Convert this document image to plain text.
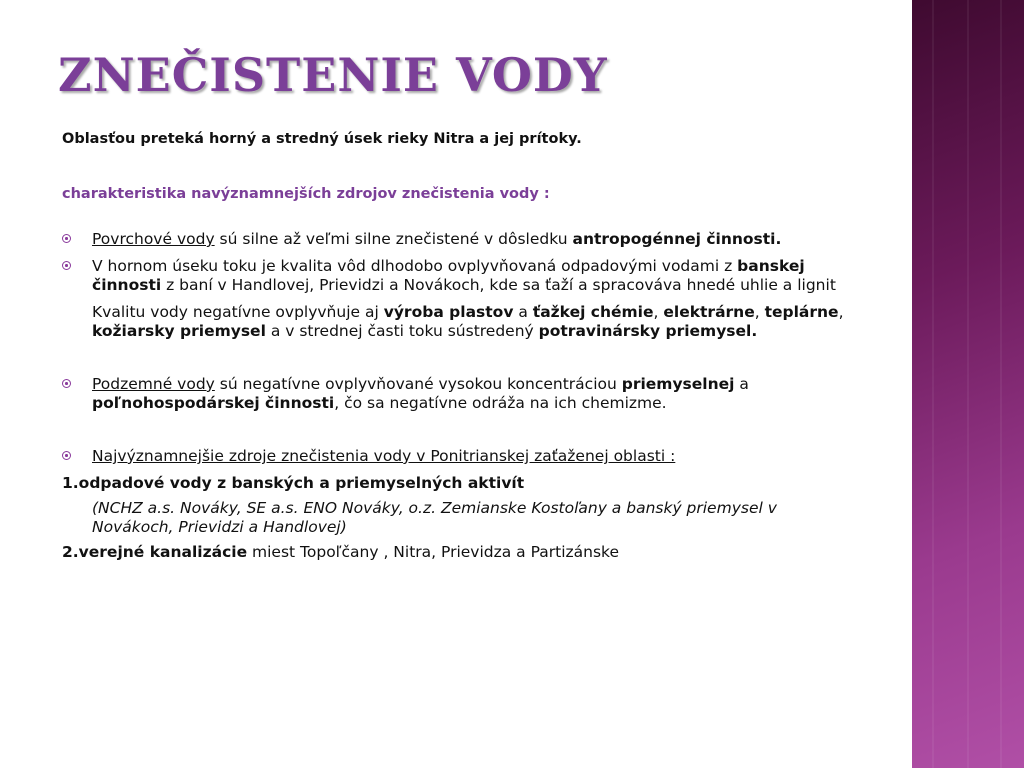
ZNEČISTENIE VODY

Oblasťou preteká horný a stredný úsek rieky Nitra a jej prítoky.

charakteristika navýznamnejších zdrojov znečistenia vody :

Povrchové vody sú silne až veľmi silne znečistené v dôsledku antropogénnej činnosti.
V hornom úseku toku je kvalita vôd dlhodobo ovplyvňovaná odpadovými vodami z banskej činnosti z baní v Handlovej, Prievidzi a Novákoch, kde sa ťaží a spracováva hnedé uhlie a lignit

Kvalitu vody negatívne ovplyvňuje aj výroba plastov a ťažkej chémie, elektrárne, teplárne, kožiarsky priemysel a v strednej časti toku sústredený potravinársky priemysel.

Podzemné vody sú negatívne ovplyvňované vysokou koncentráciou priemyselnej a poľnohospodárskej činnosti, čo sa negatívne odráža na ich chemizme.
Najvýznamnejšie zdroje znečistenia vody v Ponitrianskej zaťaženej oblasti :

1.odpadové vody z banských a priemyselných aktivít

(NCHZ a.s. Nováky, SE a.s. ENO Nováky, o.z. Zemianske Kostoľany a banský priemysel v Novákoch, Prievidzi a Handlovej)

2.verejné kanalizácie miest Topoľčany , Nitra, Prievidza a Partizánske
